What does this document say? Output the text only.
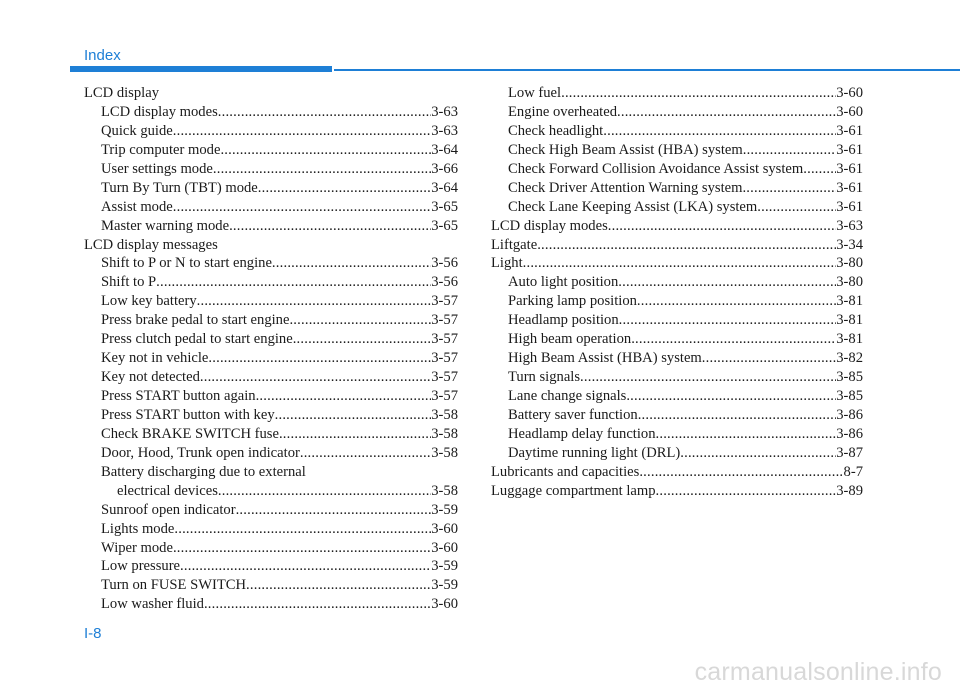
Index
LCD display
LCD display modes .....	3-63
Quick guide .....	3-63
Trip computer mode .....	3-64
User settings mode .....	3-66
Turn By Turn (TBT) mode .....	3-64
Assist mode .....	3-65
Master warning mode .....	3-65
LCD display messages
Shift to P or N to start engine .....	3-56
Shift to P .....	3-56
Low key battery .....	3-57
Press brake pedal to start engine .....	3-57
Press clutch pedal to start engine .....	3-57
Key not in vehicle .....	3-57
Key not detected .....	3-57
Press START button again .....	3-57
Press START button with key .....	3-58
Check BRAKE SWITCH fuse .....	3-58
Door, Hood, Trunk open indicator .....	3-58
Battery discharging due to external
electrical devices .....	3-58
Sunroof open indicator .....	3-59
Lights mode .....	3-60
Wiper mode .....	3-60
Low pressure .....	3-59
Turn on FUSE SWITCH .....	3-59
Low washer fluid .....	3-60
Low fuel .....	3-60
Engine overheated .....	3-60
Check headlight .....	3-61
Check High Beam Assist (HBA) system .....	3-61
Check Forward Collision Avoidance Assist system ..... 3-61
Check Driver Attention Warning system .....	3-61
Check Lane Keeping Assist (LKA) system .....	3-61
LCD display modes .....	3-63
Liftgate .....	3-34
Light .....	3-80
Auto light position .....	3-80
Parking lamp position .....	3-81
Headlamp position .....	3-81
High beam operation .....	3-81
High Beam Assist (HBA) system .....	3-82
Turn signals .....	3-85
Lane change signals .....	3-85
Battery saver function .....	3-86
Headlamp delay function .....	3-86
Daytime running light (DRL) .....	3-87
Lubricants and capacities .....	8-7
Luggage compartment lamp .....	3-89
I-8
carmanualsonline.info
